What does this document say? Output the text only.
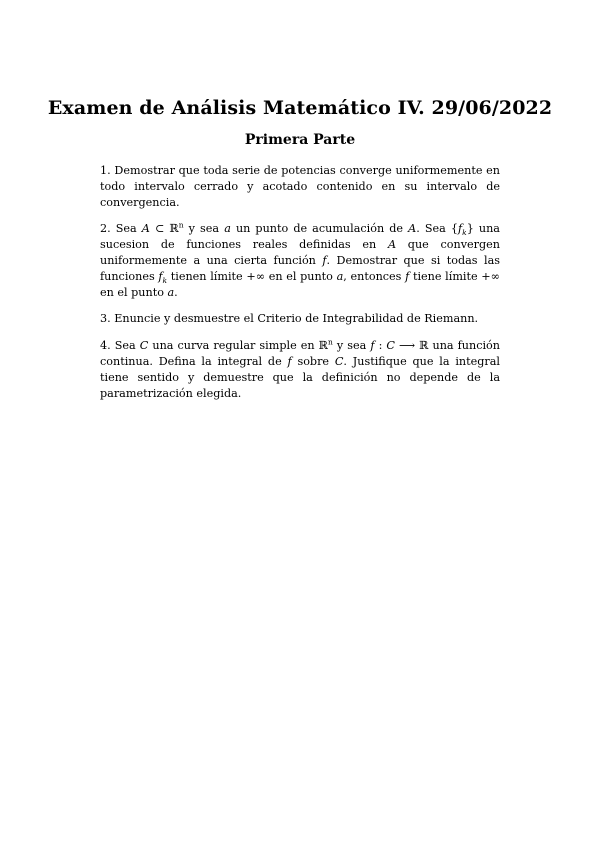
Examen de Análisis Matemático IV. 29/06/2022
Primera Parte

1. Demostrar que toda serie de potencias converge uniformemente en todo intervalo cerrado y acotado contenido en su intervalo de convergencia.

2. Sea A ⊂ ℝ$^n$ y sea a un punto de acumulación de A. Sea $\{f_k\}$ una sucesion de funciones reales definidas en A que convergen uniformemente a una cierta función f. Demostrar que si todas las funciones $f_k$ tienen límite +∞ en el punto a, entonces f tiene límite +∞ en el punto a.

3. Enuncie y desmuestre el Criterio de Integrabilidad de Riemann.

4. Sea C una curva regular simple en ℝ$^n$ y sea f : C ⟶ ℝ una función continua. Defina la integral de f sobre C. Justifique que la integral tiene sentido y demuestre que la definición no depende de la parametrización elegida.
